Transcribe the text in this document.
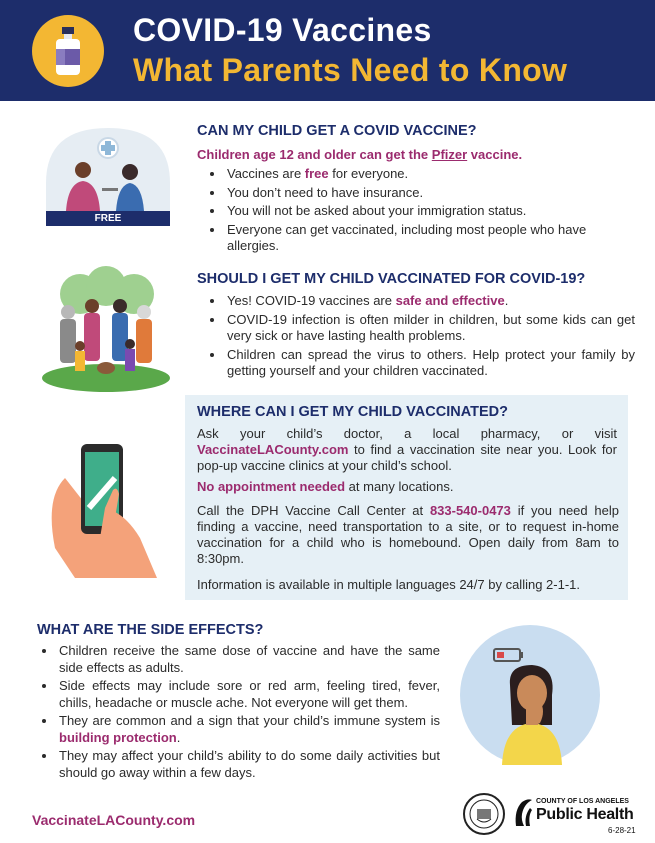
COVID-19 Vaccines
What Parents Need to Know
FREE
CAN MY CHILD GET A COVID VACCINE?
Children age 12 and older can get the Pfizer vaccine.
• Vaccines are free for everyone.
• You don’t need to have insurance.
• You will not be asked about your immigration status.
• Everyone can get vaccinated, including most people who have allergies.
SHOULD I GET MY CHILD VACCINATED FOR COVID-19?
• Yes! COVID-19 vaccines are safe and effective.
• COVID-19 infection is often milder in children, but some kids can get very sick or have lasting health problems.
• Children can spread the virus to others. Help protect your family by getting yourself and your children vaccinated.
WHERE CAN I GET MY CHILD VACCINATED?

Ask your child’s doctor, a local pharmacy, or visit VaccinateLACounty.com to find a vaccination site near you. Look for pop-up vaccine clinics at your child’s school.

No appointment needed at many locations.

Call the DPH Vaccine Call Center at 833-540-0473 if you need help finding a vaccine, need transportation to a site, or to request in-home vaccination for a child who is homebound. Open daily from 8am to 8:30pm.

Information is available in multiple languages 24/7 by calling 2-1-1.

WHAT ARE THE SIDE EFFECTS?
• Children receive the same dose of vaccine and have the same side effects as adults.
• Side effects may include sore or red arm, feeling tired, fever, chills, headache or muscle ache. Not everyone will get them.
• They are common and a sign that your child’s immune system is building protection.
• They may affect your child’s ability to do some daily activities but should go away within a few days.
VaccinateLACounty.com
COUNTY OF LOS ANGELES
Public Health
6-28-21
